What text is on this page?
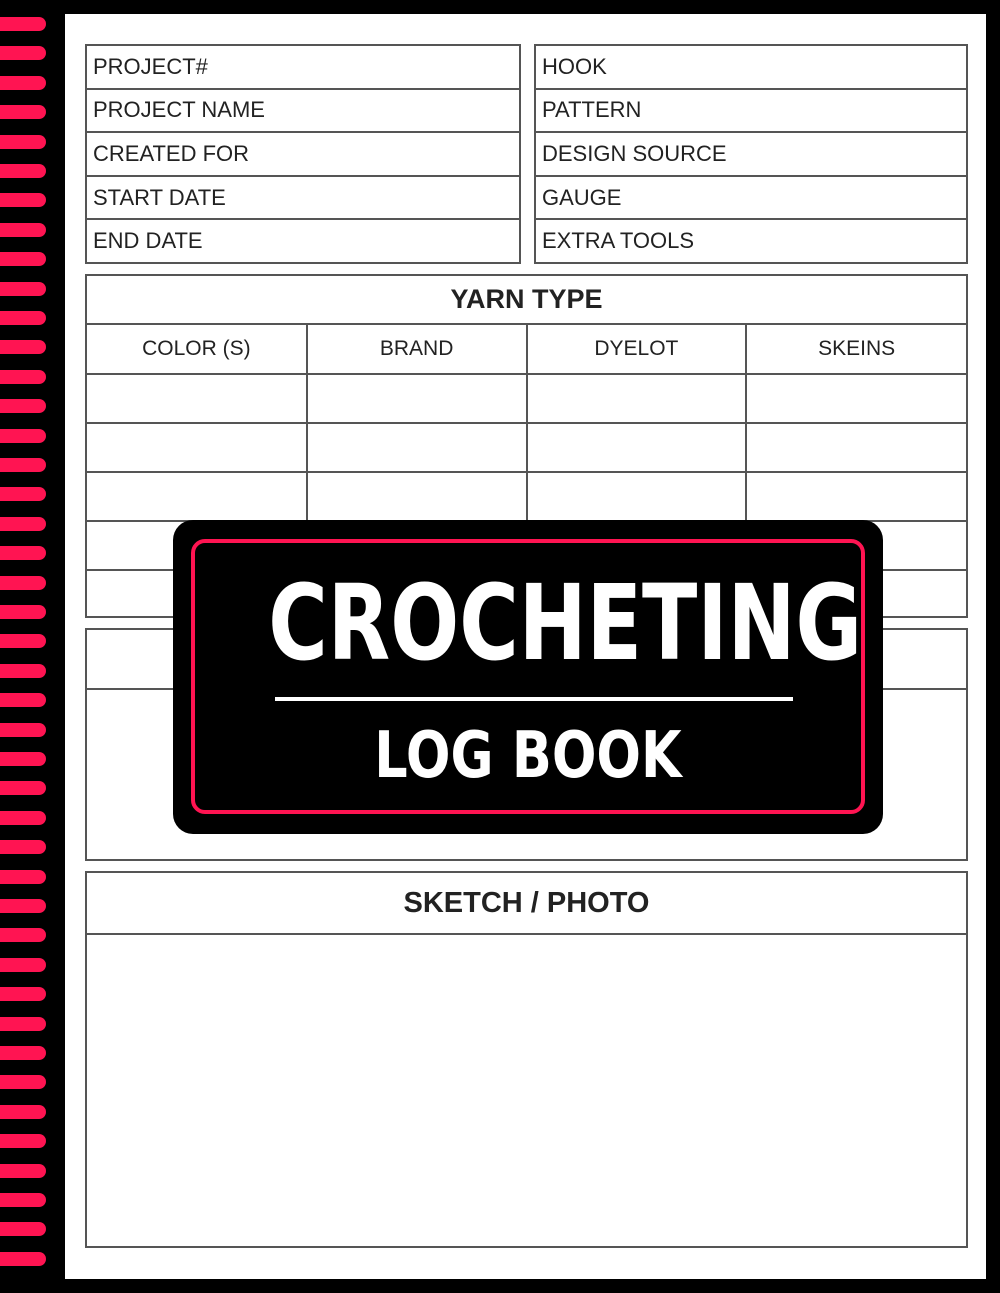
PROJECT#
PROJECT NAME
CREATED FOR
START DATE
END DATE
HOOK
PATTERN
DESIGN SOURCE
GAUGE
EXTRA TOOLS
YARN TYPE
COLOR (S)	BRAND	DYELOT	SKEINS

SKETCH / PHOTO
CROCHETING
LOG BOOK
